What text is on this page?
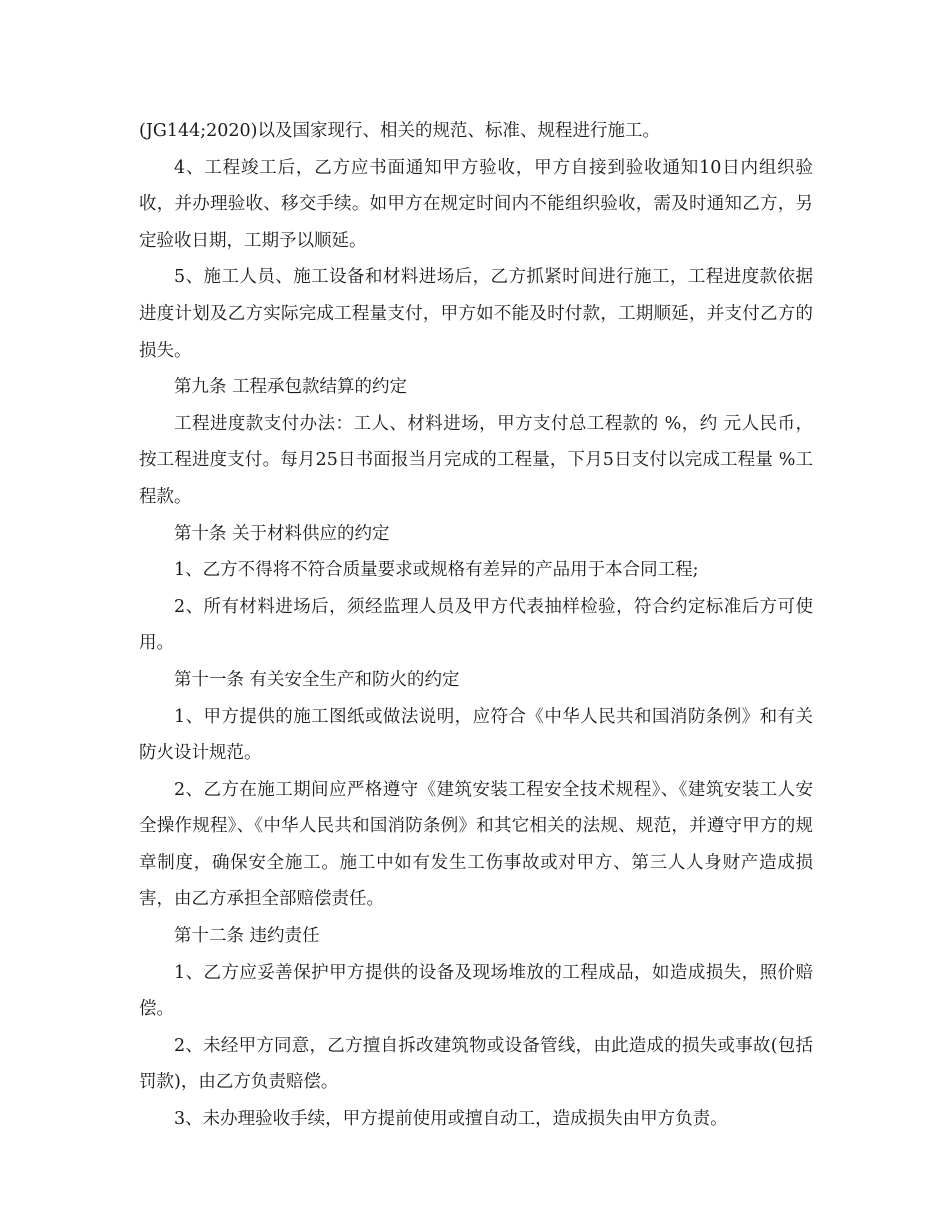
(JG144;2020)以及国家现行、相关的规范、标准、规程进行施工。

4、工程竣工后，乙方应书面通知甲方验收，甲方自接到验收通知10日内组织验收，并办理验收、移交手续。如甲方在规定时间内不能组织验收，需及时通知乙方，另定验收日期，工期予以顺延。

5、施工人员、施工设备和材料进场后，乙方抓紧时间进行施工，工程进度款依据进度计划及乙方实际完成工程量支付，甲方如不能及时付款，工期顺延，并支付乙方的损失。

第九条 工程承包款结算的约定

工程进度款支付办法：工人、材料进场，甲方支付总工程款的 %，约 元人民币，按工程进度支付。每月25日书面报当月完成的工程量，下月5日支付以完成工程量 %工程款。

第十条 关于材料供应的约定

1、乙方不得将不符合质量要求或规格有差异的产品用于本合同工程;

2、所有材料进场后，须经监理人员及甲方代表抽样检验，符合约定标准后方可使用。

第十一条 有关安全生产和防火的约定

1、甲方提供的施工图纸或做法说明，应符合《中华人民共和国消防条例》和有关防火设计规范。

2、乙方在施工期间应严格遵守《建筑安装工程安全技术规程》、《建筑安装工人安全操作规程》、《中华人民共和国消防条例》和其它相关的法规、规范，并遵守甲方的规章制度，确保安全施工。施工中如有发生工伤事故或对甲方、第三人人身财产造成损害，由乙方承担全部赔偿责任。

第十二条 违约责任

1、乙方应妥善保护甲方提供的设备及现场堆放的工程成品，如造成损失，照价赔偿。

2、未经甲方同意，乙方擅自拆改建筑物或设备管线，由此造成的损失或事故(包括罚款)，由乙方负责赔偿。

3、未办理验收手续，甲方提前使用或擅自动工，造成损失由甲方负责。
